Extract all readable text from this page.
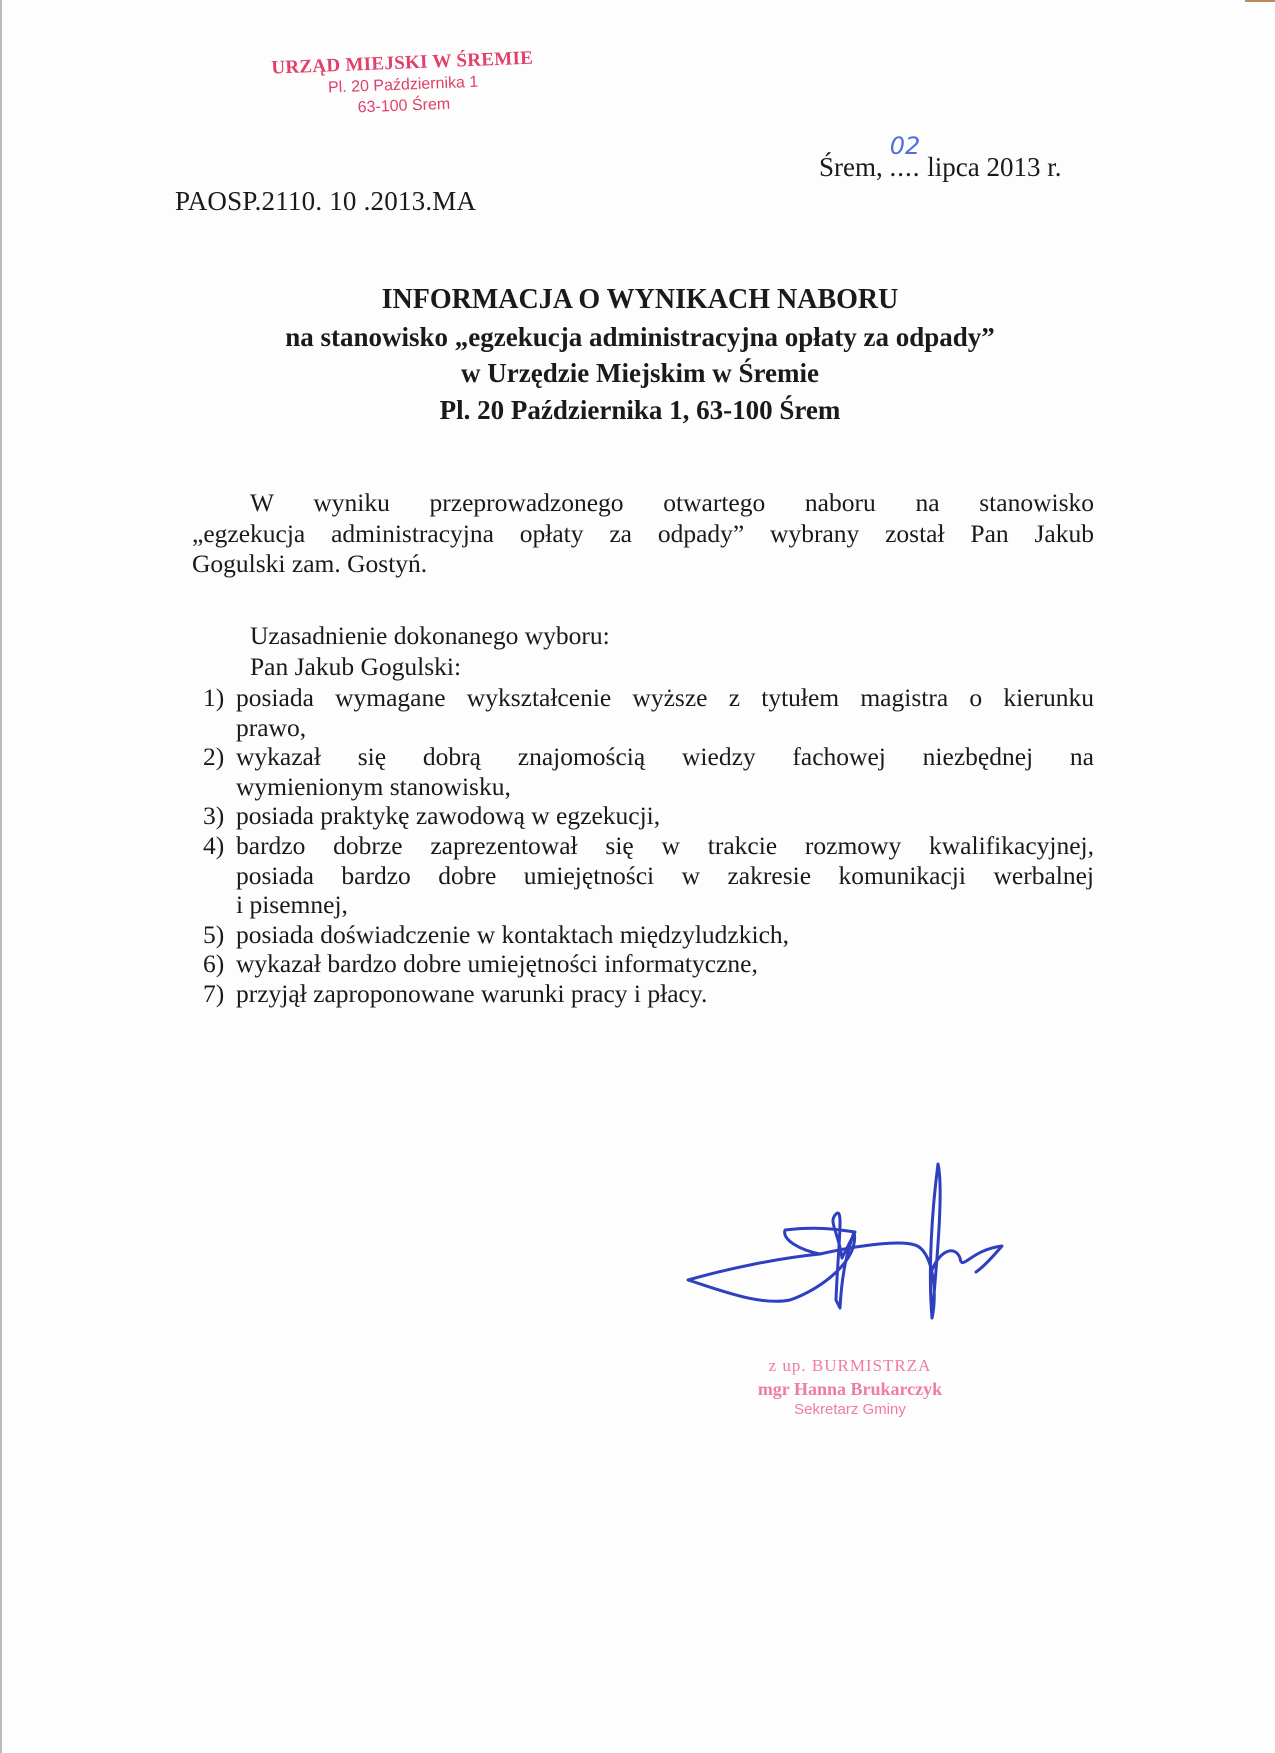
URZĄD MIEJSKI W ŚREMIE
Pl. 20 Października 1
63-100 Śrem
Śrem, ....
02
lipca 2013 r.
PAOSP.2110. 10 .2013.MA
INFORMACJA O WYNIKACH NABORU
na stanowisko „egzekucja administracyjna opłaty za odpady”
w Urzędzie Miejskim w Śremie
Pl. 20 Października 1, 63-100 Śrem
W wyniku przeprowadzonego otwartego naboru na stanowisko
„egzekucja administracyjna opłaty za odpady” wybrany został Pan Jakub
Gogulski zam. Gostyń.
Uzasadnienie dokonanego wyboru:
Pan Jakub Gogulski:
1) posiada wymagane wykształcenie wyższe z tytułem magistra o kierunku
prawo,
2) wykazał się dobrą znajomością wiedzy fachowej niezbędnej na
wymienionym stanowisku,
3) posiada praktykę zawodową w egzekucji,
4) bardzo dobrze zaprezentował się w trakcie rozmowy kwalifikacyjnej,
posiada bardzo dobre umiejętności w zakresie komunikacji werbalnej
i pisemnej,
5) posiada doświadczenie w kontaktach międzyludzkich,
6) wykazał bardzo dobre umiejętności informatyczne,
7) przyjął zaproponowane warunki pracy i płacy.
z up. BURMISTRZA
mgr Hanna Brukarczyk
Sekretarz Gminy
